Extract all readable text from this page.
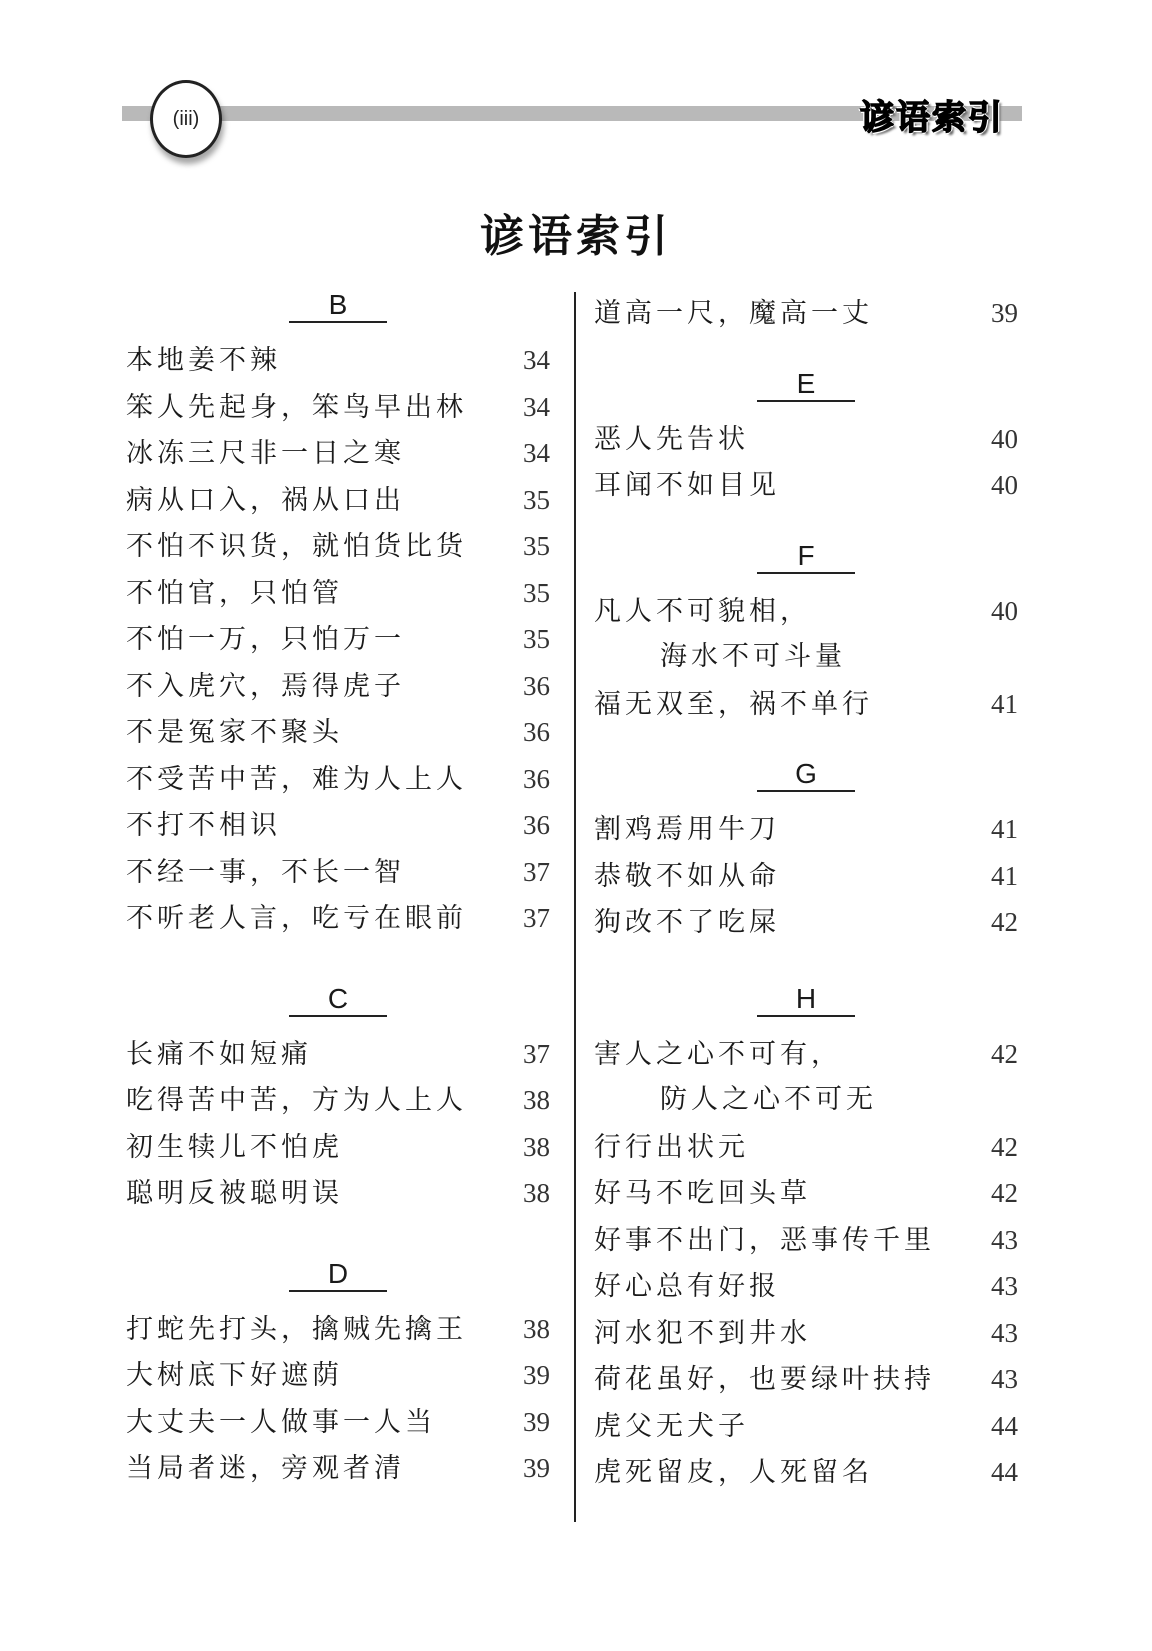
(iii)	谚语索引
谚语索引
B
本地姜不辣	34
笨人先起身，笨鸟早出林 34
冰冻三尺非一日之寒	34
病从口入，祸从口出	35
不怕不识货，就怕货比货 35
不怕官，只怕管	35
不怕一万，只怕万一	35
不入虎穴，焉得虎子	36
不是冤家不聚头	36
不受苦中苦，难为人上人 36
不打不相识	36
不经一事，不长一智	37
不听老人言，吃亏在眼前 37
C
长痛不如短痛	37
吃得苦中苦，方为人上人 38
初生犊儿不怕虎	38
聪明反被聪明误	38
D
打蛇先打头，擒贼先擒王 38
大树底下好遮荫	39
大丈夫一人做事一人当	39
当局者迷，旁观者清	39
道高一尺，魔高一丈	39
E
恶人先告状	40
耳闻不如目见	40
F
凡人不可貌相，	40
海水不可斗量
福无双至，祸不单行	41
G
割鸡焉用牛刀	41
恭敬不如从命	41
狗改不了吃屎	42
H
害人之心不可有，	42
防人之心不可无
行行出状元	42
好马不吃回头草	42
好事不出门，恶事传千里 43
好心总有好报	43
河水犯不到井水	43
荷花虽好，也要绿叶扶持 43
虎父无犬子	44
虎死留皮，人死留名	44
